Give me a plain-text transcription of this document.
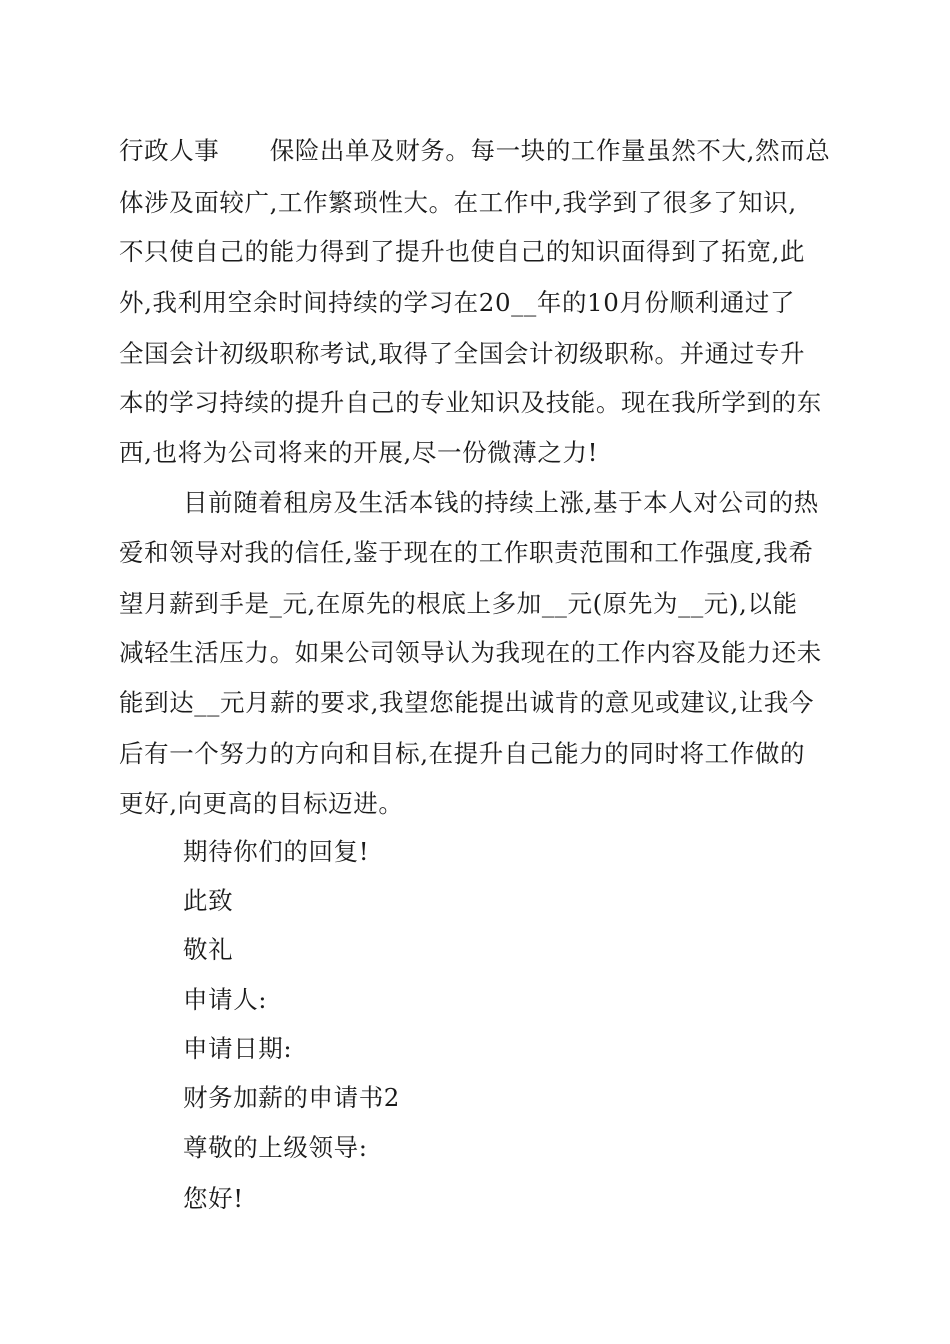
行政人事      保险出单及财务。每一块的工作量虽然不大,然而总
体涉及面较广,工作繁琐性大。在工作中,我学到了很多了知识,
不只使自己的能力得到了提升也使自己的知识面得到了拓宽,此
外,我利用空余时间持续的学习在20__年的10月份顺利通过了
全国会计初级职称考试,取得了全国会计初级职称。并通过专升
本的学习持续的提升自己的专业知识及技能。现在我所学到的东
西,也将为公司将来的开展,尽一份微薄之力!
目前随着租房及生活本钱的持续上涨,基于本人对公司的热
爱和领导对我的信任,鉴于现在的工作职责范围和工作强度,我希
望月薪到手是_元,在原先的根底上多加__元(原先为__元),以能
减轻生活压力。如果公司领导认为我现在的工作内容及能力还未
能到达__元月薪的要求,我望您能提出诚肯的意见或建议,让我今
后有一个努力的方向和目标,在提升自己能力的同时将工作做的
更好,向更高的目标迈进。
期待你们的回复!
此致
敬礼
申请人:
申请日期:
财务加薪的申请书2
尊敬的上级领导:
您好!
